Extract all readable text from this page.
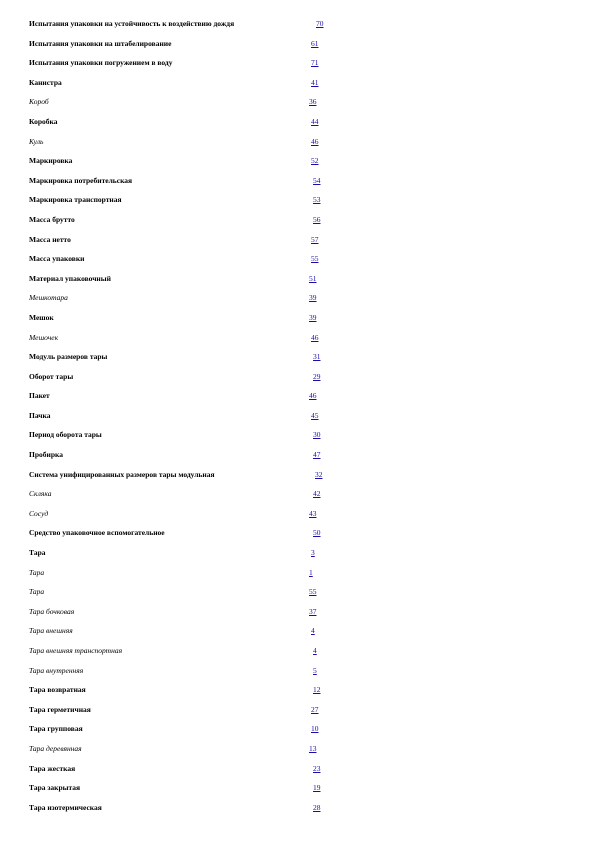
Испытания упаковки на устойчивость к воздействию дождя	70
Испытания упаковки на штабелирование	61
Испытания упаковки погружением в воду	71
Канистра	41
Короб	36
Коробка	44
Куль	46
Маркировка	52
Маркировка потребительская	54
Маркировка транспортная	53
Масса брутто	56
Масса нетто	57
Масса упаковки	55
Материал упаковочный	51
Мешкотара	39
Мешок	39
Мешочек	46
Модуль размеров тары	31
Оборот тары	29
Пакет	46
Пачка	45
Период оборота тары	30
Пробирка	47
Система унифицированных размеров тары модульная	32
Скляка	42
Сосуд	43
Средство упаковочное вспомогательное	50
Тара	3
Тара	1
Тара	55
Тара бочковая	37
Тара внешняя	4
Тара внешняя транспортная	4
Тара внутренняя	5
Тара возвратная	12
Тара герметичная	27
Тара групповая	10
Тара деревянная	13
Тара жесткая	23
Тара закрытая	19
Тара изотермическая	28
